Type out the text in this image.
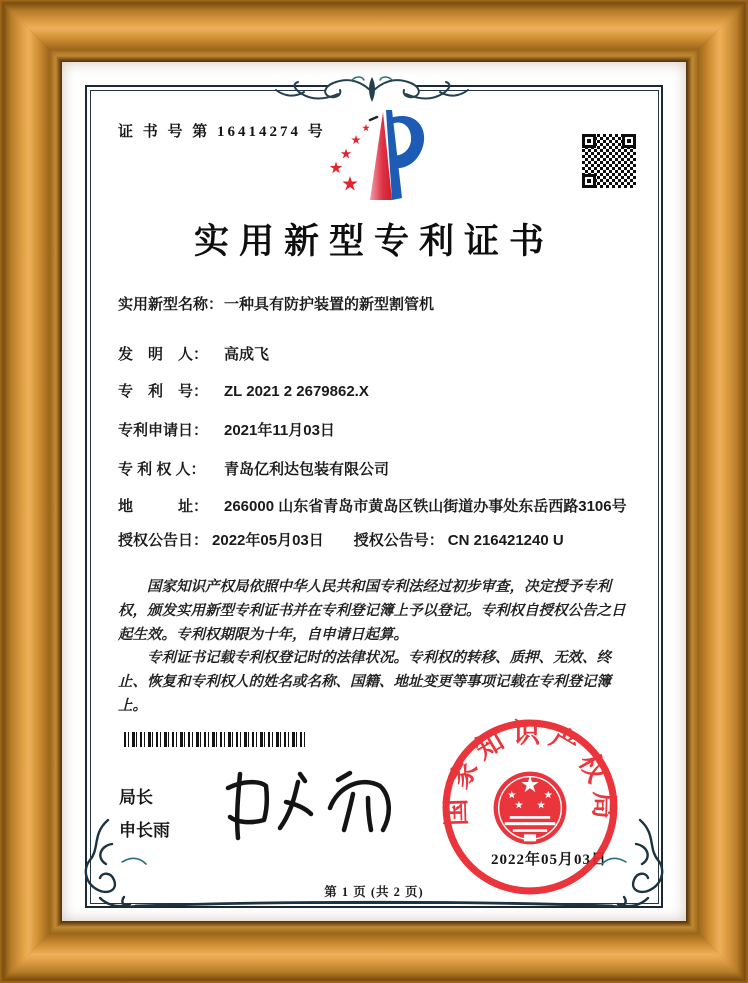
证 书 号 第 16414274 号
实用新型专利证书
实用新型名称： 一种具有防护装置的新型割管机
发　明　人：	高成飞
专　利　号：	ZL 2021 2 2679862.X
专利申请日：	2021年11月03日
专 利 权 人：	青岛亿利达包装有限公司
地　　　址：	266000 山东省青岛市黄岛区铁山街道办事处东岳西路3106号
授权公告日： 2022年05月03日 授权公告号： CN 216421240 U

国家知识产权局依照中华人民共和国专利法经过初步审查，决定授予专利权，颁发实用新型专利证书并在专利登记簿上予以登记。专利权自授权公告之日起生效。专利权期限为十年，自申请日起算。

专利证书记载专利权登记时的法律状况。专利权的转移、质押、无效、终止、恢复和专利权人的姓名或名称、国籍、地址变更等事项记载在专利登记簿上。

局长
申长雨
2022年05月03日
国家知识产权局
第 1 页 (共 2 页)
